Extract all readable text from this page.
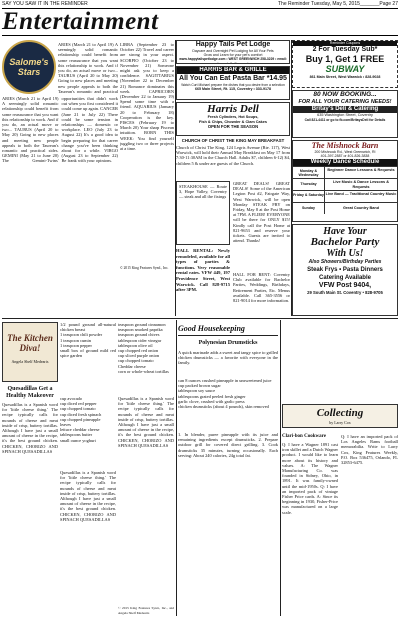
SAY YOU SAW IT IN THE REMINDER	The Reminder Tuesday, May 5, 2015_______Page 27
Entertainment
Salome's Stars
ARIES (March 21 to April 19) A seemingly solid romantic relationship could benefit from some reassurance that you want this relationship to work. And if you do, an actual move or two... TAURUS (April 20 to May 20) Going to new places and meeting new people appeals to both the Taurean's romantic and practical
ARIES (March 21 to April 19) A seemingly solid romantic relationship could benefit from some reassurance that you want this relationship to work. And if you do, an actual move or two... TAURUS (April 20 to May 20) Going to new places and meeting new people appeals to both the Taurean's romantic and practical sides. GEMINI (May 21 to June 20) The Gemini-Twins' opportunities that didn't work out when you first considered it could come up again. CANCER (June 21 to July 22) There could be some tension in relationships — domestic or workplace. LEO (July 23 to August 22) It's a good idea to begin preparing for that career change you've been thinking about for a while. VIRGO (August 23 to September 22) Be frank with your opinions.
LIBRA (September 23 to October 22) Travel and career are strong in your aspect. SCORPIO (October 23 to November 21) Someone might ask you to keep a confidence. SAGITTARIUS (November 22 to December 21) Romance dominates this week. CAPRICORN (December 22 to January 19) Spend some time with a friend. AQUARIUS (January 20 to February 18) Cooperation is the key. PISCES (February 19 to March 20) Your sharp Piscean intuition. BORN THIS WEEK: You find yourself juggling two or three projects at a time.
© 2015 King Features Synd., Inc.
Happy Tails Pet Lodge
Daycare and Overnight Pet Lodging for All Your Pets
Grow and Learn for your pet's comfort
www.happytailspetlodge.com • WEST GREENWICH 258-3229 • email: happytails@cox.net
HARRIS BAR & GRILLE
All You Can Eat Pasta Bar *14.95
Watch Curt Michael prepare the dishes that you desire from a selection
665 Main Street, Rt. 115, Coventry • 333-9178
Harris Dell
Fresh Cylinders, Hot Soups,
Fish & Chips, Chowder & Clam Cakes
OPEN FOR THE SEASON
Reminder Coupons
2 For Tuesday Sub*
Buy 1, Get 1 FREE
SUBWAY
861 Main Street, West Warwick • 828-9028
80 NOW BOOKING...
FOR ALL YOUR CATERING NEEDS!
Britay's Deli & Catering
635 Washington Street, Coventry
Call 821-4411 or go to fb.com/BritaysDeli for Details
CHURCH OF CHRIST THE KING MAY BREAKFAST
Church of Christ The King, 124 Legris Avenue (Rte. 117), West Warwick, will hold their Annual May Breakfast on May 17 from 7:30-11:30AM in the Church Hall. Adults $7, children 6-12) $4, children 5 & under are guests of the Church.
STEAKHOUSE — Route 3, Hope Valley, Coventry — steak and all the fixings
HALL RENTAL: Newly remodeled, available for all types of parties & functions. Very reasonable rental rates. VFW 449, 197 Providence Street, West Warwick. Call 828-9715 after 3PM.
GREAT DEALS! GREAT DEALS! Some of the American Legion Post #2, Fairgate Way, West Warwick, will be open Monday STEAK FRY on Friday, May 8 at the Post Home at 7PM. A FLIER! EVERYONE will be there for ONLY $15! Kindly call the Post Home at 821-9653 and reserve your tickets. Guests are invited to attend. Thanks!
HALL FOR RENT: Coventry Club available for Bachelor Parties, Weddings, Birthdays, Retirement Parties, Etc. Menus available. Call 365-3556 or 821-9014 for more information.
The Mishnock Barn
200 Mishnock Rd., West Greenwich, RI
401-397-2887 or 401-826-3838
Weekly Dance Schedule
Monday & Wednesday
Beginner Dance Lessons & Requests
Thursday	Live Music & Dance Lessons & Requests
Friday & Saturday Live Band — Traditional Country Music
Sunday	Great Country Band
Have Your
Bachelor Party
With Us!
Also Showers/Birthday Parties
Steak Frys • Pasta Dinners
Catering Available
VFW Post 9404,
29 South Main St. Coventry • 828-9705
The Kitchen Diva!
Angela Shelf Medearis
Quesadillas Get a Healthy Makeover
Quesadillas is a Spanish word for 'little cheese thing.' The recipe typically calls for mounds of cheese and meat inside of crisp, buttery tortillas. Although I have just a small amount of cheese in the recipe, it's the best ground chicken. CHICKEN, CHORIZO AND SPINACH QUESADILLAS
1/2 pound ground all-natural chicken breast
1 teaspoon chili powder
1 teaspoon cumin
1 teaspoon pepper
small box of ground mild red spice garden
teaspoon ground cinnamon
teaspoon smoked paprika
teaspoon ground chives
tablespoon cider vinegar
tablespoon olive oil
cup chopped red onion
cup sliced purple onion
cup chopped tomato
Cheddar cheese
corn or whole-wheat tortillas
cup avocado
cup diced red pepper
cup chopped tomato
cup diced fresh spinach
cup chopped pineapple
leaves
lettuce cheddar cheese
tablespoons butter
small ounce yoghurt
Quesadillas is a Spanish word for 'little cheese thing.' The recipe typically calls for mounds of cheese and meat inside of crisp, buttery tortillas. Although I have just a small amount of cheese in the recipe, it's the best ground chicken. CHICKEN, CHORIZO AND SPINACH QUESADILLAS
Quesadillas is a Spanish word for 'little cheese thing.' The recipe typically calls for mounds of cheese and meat inside of crisp, buttery tortillas. Although I have just a small amount of cheese in the recipe, it's the best ground chicken. CHICKEN, CHORIZO AND SPINACH QUESADILLAS
© 2015 King Features Synd., Inc., and Angela Shelf Medearis
Good Housekeeping
Polynesian Drumsticks
A quick marinade adds a sweet and tangy spice to grilled chicken drumsticks — a favorite with everyone in the family.
can 8 ounces crushed pineapple in unsweetened juice
cup packed brown sugar
tablespoon soy sauce
tablespoons grated peeled fresh ginger
garlic clove, crushed with garlic press
chicken drumsticks (about 4 pounds), skin removed
1. In blender, puree pineapple with its juice and remaining ingredients except drumsticks. 2. Prepare outdoor grill for covered direct grilling. 3. Cook drumsticks 35 minutes, turning occasionally. Each serving: About 240 calories, 24g total fat.
Collecting
by Larry Cox
Clari-bon Cookware
Q: I have a Wagner 1891 cast iron skillet and a Dutch Wagner product. I would like to learn more about its history and values. A: The Wagner Manufacturing Co. was founded in Sidney, Ohio, in 1891. It was family-owned until the mid-1950s. Q: I have an imported pack of vintage Fisher Price cards. A: Since its beginning in 1930, Fisher-Price was manufactured on a large scale.
Q: I have an imported pack of Los Angeles Rams football memorabilia. Write to Larry Cox, King Features Weekly, P.O. Box 536475, Orlando, FL 32853-6475.
